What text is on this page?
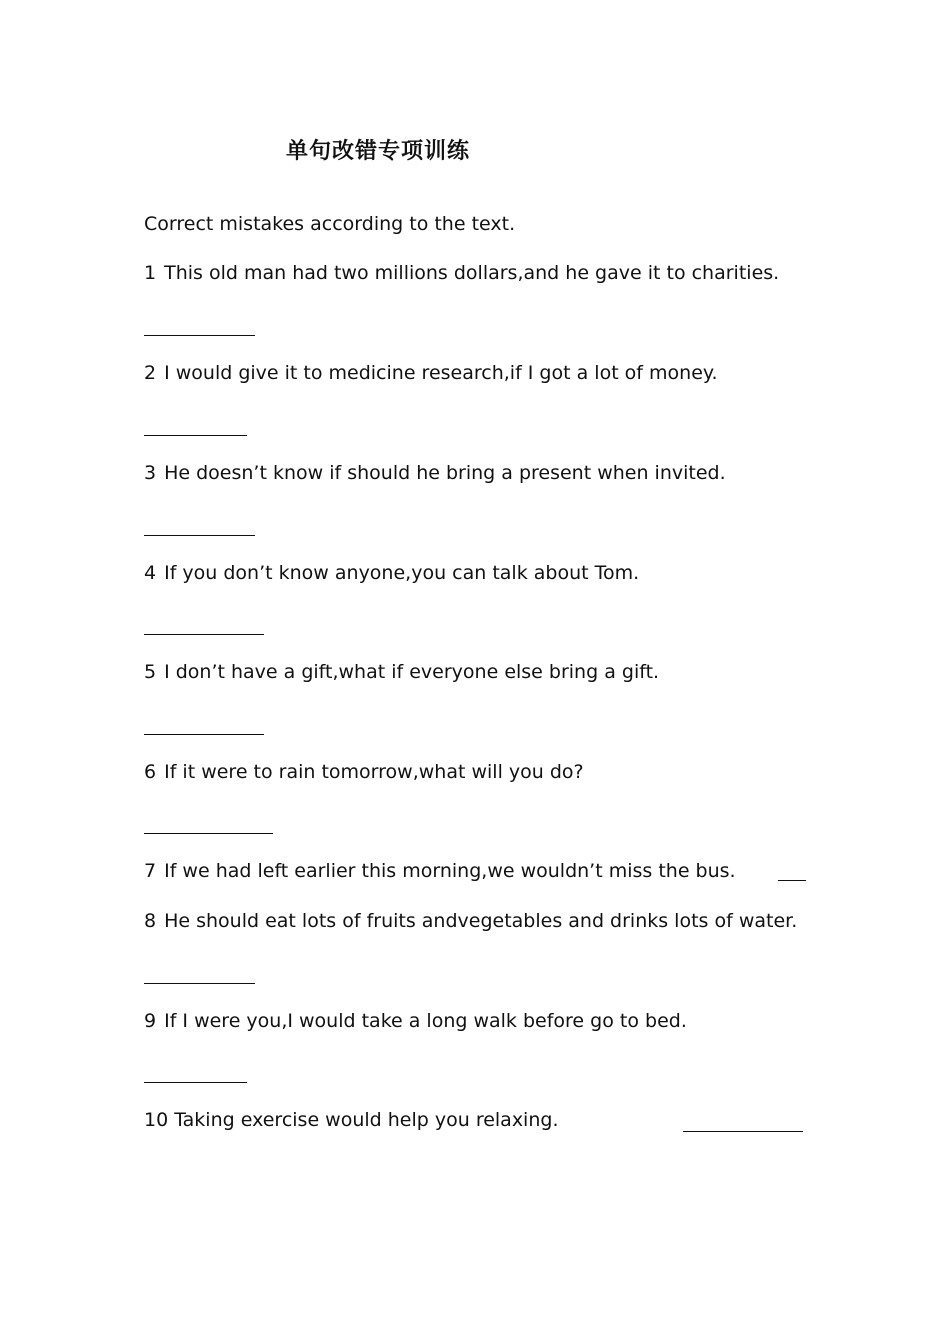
单句改错专项训练
Correct mistakes according to the text.
1 This old man had two millions dollars,and he gave it to charities.
2 I would give it to medicine research,if I got a lot of money.
3 He doesn’t know if should he bring a present when invited.
4 If you don’t know anyone,you can talk about Tom.
5 I don’t have a gift,what if everyone else bring a gift.
6 If it were to rain tomorrow,what will you do?
7 If we had left earlier this morning,we wouldn’t miss the bus.
8 He should eat lots of fruits andvegetables and drinks lots of water.
9 If I were you,I would take a long walk before go to bed.
10 Taking exercise would help you relaxing.
